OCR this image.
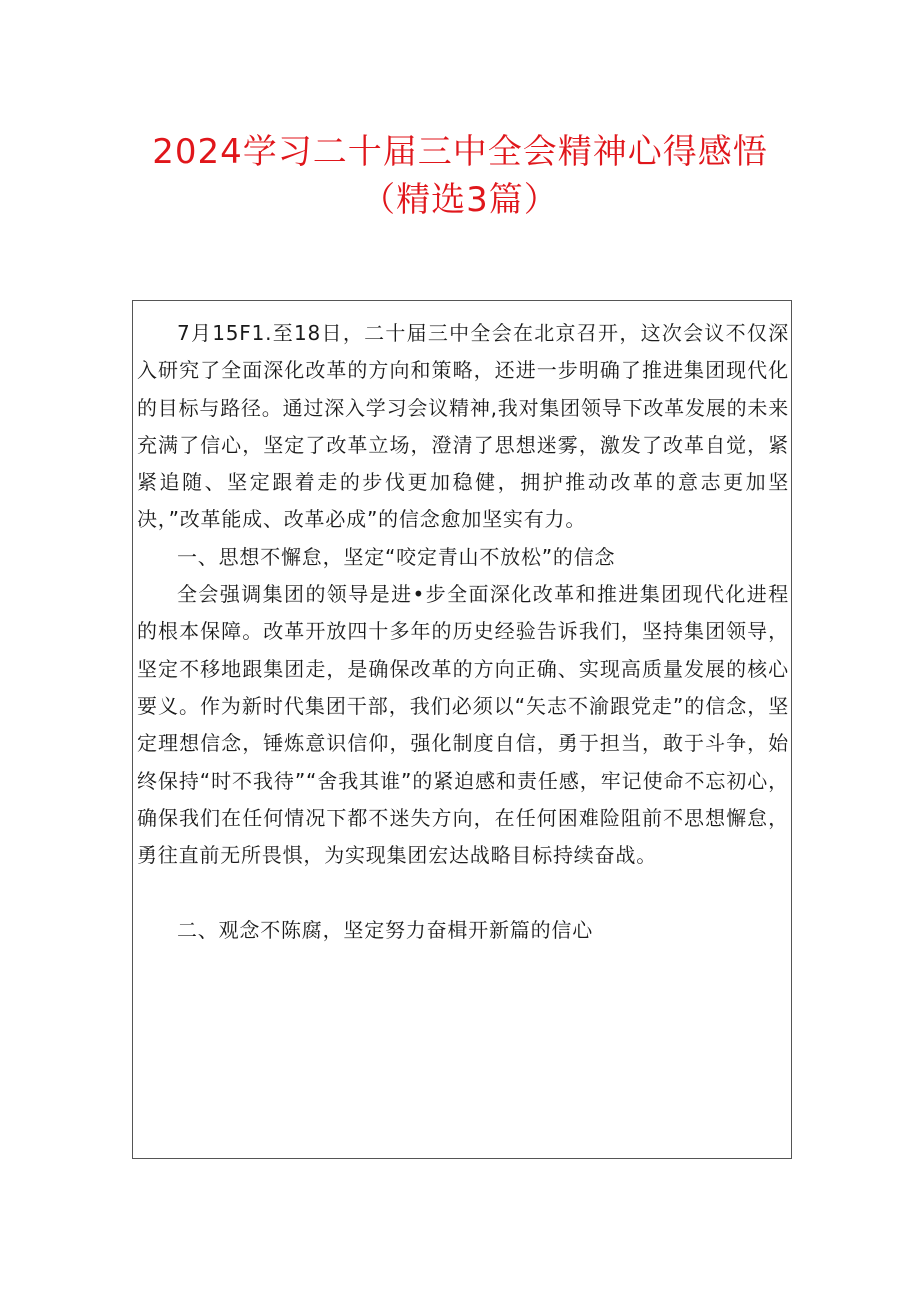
2024学习二十届三中全会精神心得感悟
（精选3篇）

7月15F1.至18日，二十届三中全会在北京召开，这次会议不仅深入研究了全面深化改革的方向和策略，还进一步明确了推进集团现代化的目标与路径。通过深入学习会议精神,我对集团领导下改革发展的未来充满了信心，坚定了改革立场，澄清了思想迷雾，激发了改革自觉，紧紧追随、坚定跟着走的步伐更加稳健，拥护推动改革的意志更加坚决，”改革能成、改革必成”的信念愈加坚实有力。

一、思想不懈怠，坚定“咬定青山不放松”的信念

全会强调集团的领导是进•步全面深化改革和推进集团现代化进程的根本保障。改革开放四十多年的历史经验告诉我们，坚持集团领导，坚定不移地跟集团走，是确保改革的方向正确、实现高质量发展的核心要义。作为新时代集团干部，我们必须以“矢志不渝跟党走”的信念，坚定理想信念，锤炼意识信仰，强化制度自信，勇于担当，敢于斗争，始终保持“时不我待”“舍我其谁”的紧迫感和责任感，牢记使命不忘初心，确保我们在任何情况下都不迷失方向，在任何困难险阻前不思想懈怠，勇往直前无所畏惧，为实现集团宏达战略目标持续奋战。

二、观念不陈腐，坚定努力奋楫开新篇的信心
